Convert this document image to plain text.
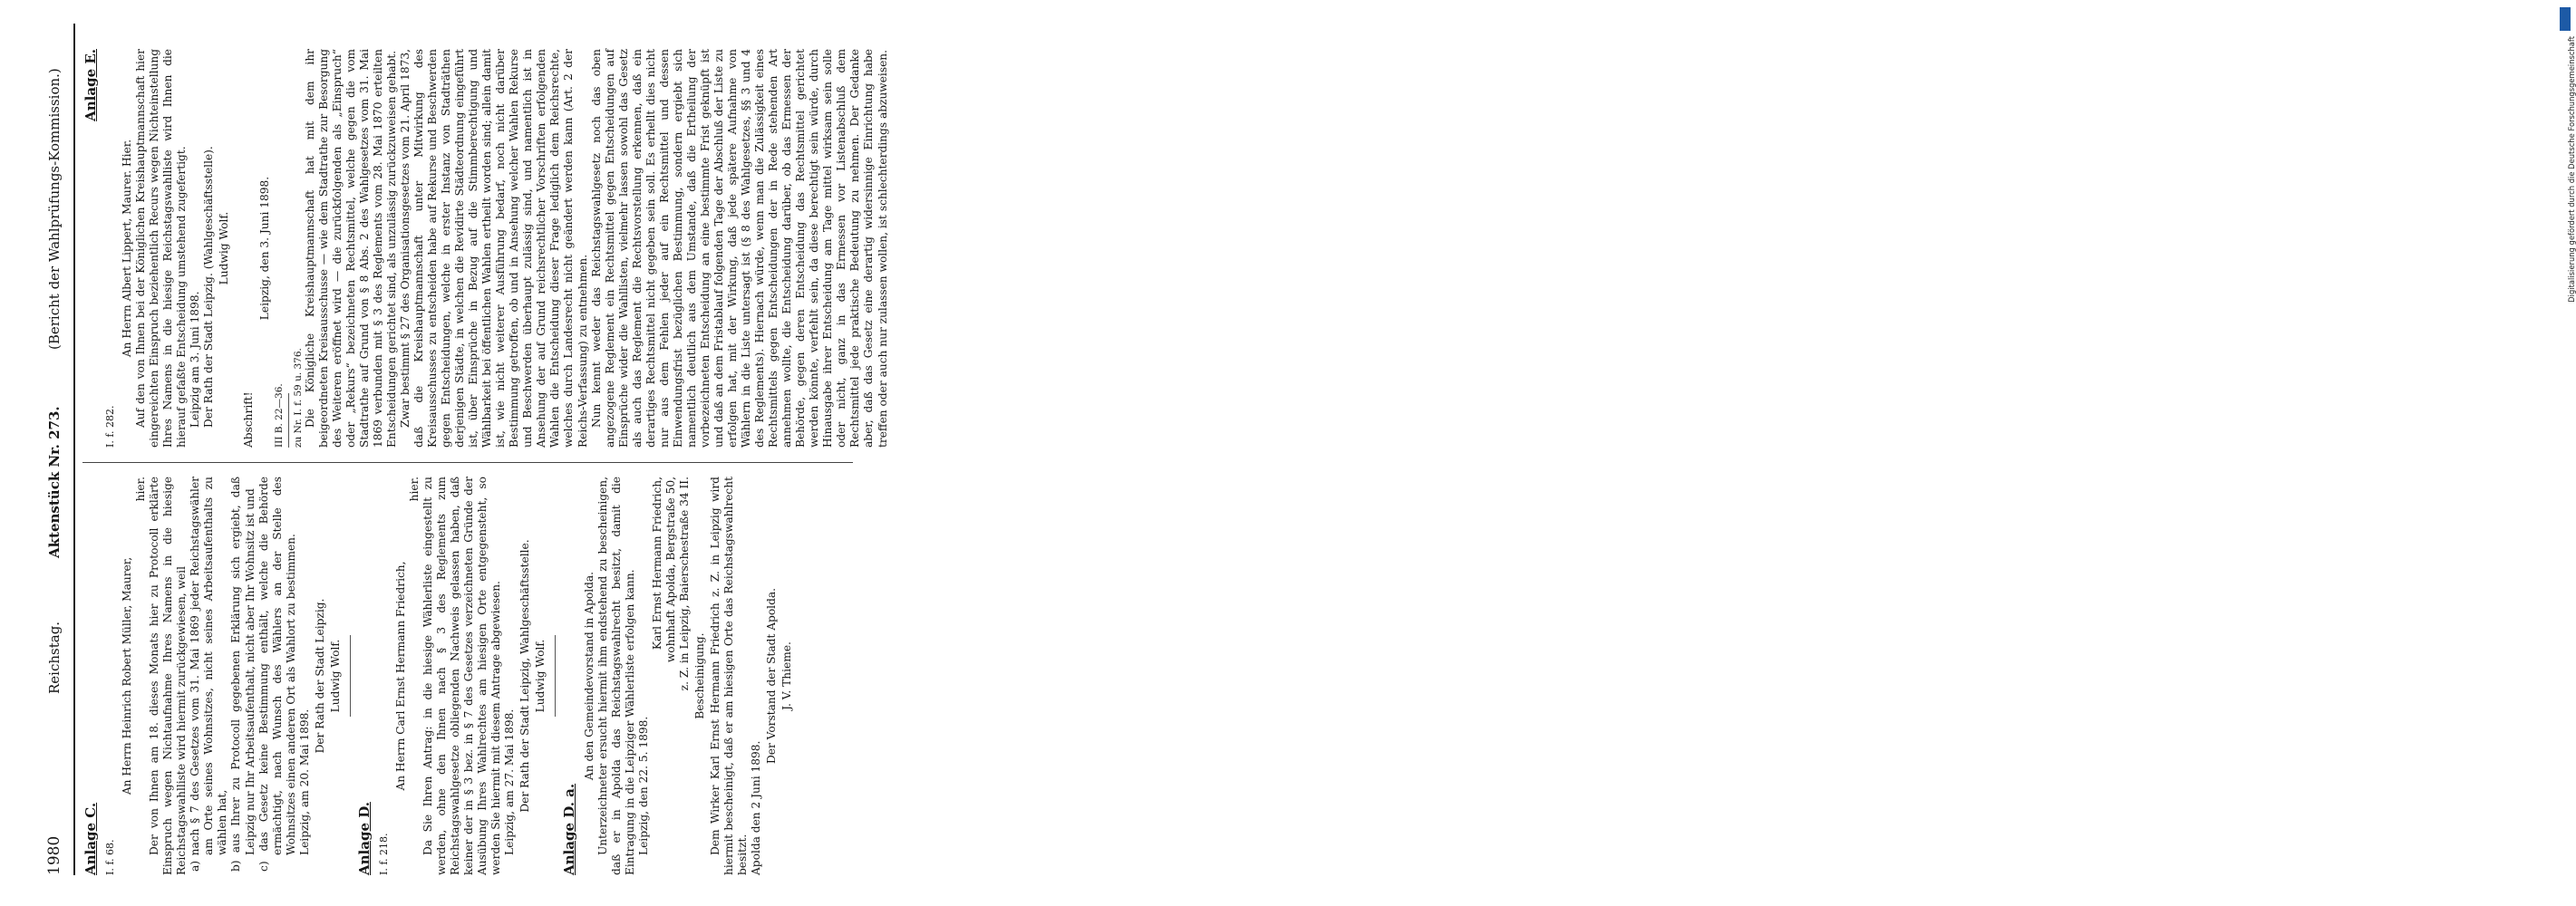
1980
Reichstag.
Aktenstück Nr. 273.
(Bericht der Wahlprüfungs-Kommission.)

Anlage C. I. f. 68.

An Herrn Heinrich Robert Müller, Maurer,

hier. Der von Ihnen am 18. dieses Monats hier zu Protocoll erklärte Einspruch wegen Nichtaufnahme Ihres Namens in die hiesige Reichstagswahlliste wird hiermit zurückgewiesen, weil a) nach § 7 des Gesetzes vom 31. Mai 1869 jeder Reichstagswähler am Orte seines Wohnsitzes, nicht seines Arbeitsaufenthalts zu wählen hat, b) aus Ihrer zu Protocoll gegebenen Erklärung sich ergiebt, daß Leipzig nur Ihr Arbeitsaufenthalt, nicht aber Ihr Wohnsitz ist und c) das Gesetz keine Bestimmung enthält, welche die Behörde ermächtigt, nach Wunsch des Wählers an der Stelle des Wohnsitzes einen anderen Ort als Wahlort zu bestimmen. Leipzig, am 20. Mai 1898.

Der Rath der Stadt Leipzig. Ludwig Wolf.

Anlage D. I. f. 218.

An Herrn Carl Ernst Hermann Friedrich,

hier. Da Sie Ihren Antrag: in die hiesige Wählerliste eingestellt zu werden, ohne den Ihnen nach § 3 des Reglements zum Reichstagswahlgesetze obliegenden Nachweis gelassen haben, daß keiner der in § 3 bez. in § 7 des Gesetzes verzeichneten Gründe der Ausübung Ihres Wahlrechtes am hiesigen Orte entgegensteht, so werden Sie hiermit mit diesem Antrage abgewiesen. Leipzig, am 27. Mai 1898. Der Rath der Stadt Leipzig, Wahlgeschäftsstelle. Ludwig Wolf.

Anlage D. a.

An den Gemeindevorstand in Apolda. Unterzeichneter ersucht hiermit ihm endstehend zu bescheinigen, daß er in Apolda das Reichstagswahlrecht besitzt, damit die Eintragung in die Leipziger Wählerliste erfolgen kann. Leipzig, den 22. 5. 1898.

Karl Ernst Hermann Friedrich, wohnhaft Apolda, Bergstraße 50, z. Z. in Leipzig, Baierschestraße 34 II. Bescheinigung. Dem Wirker Karl Ernst Hermann Friedrich z. Z. in Leipzig wird hiermit bescheinigt, daß er am hiesigen Orte das Reichstagswahlrecht besitzt. Apolda den 2 Juni 1898.

Der Vorstand der Stadt Apolda. J. V. Thieme.

Anlage E.

I. f. 282.

An Herrn Albert Lippert, Maurer. Hier. Auf den von Ihnen bei der Königlichen Kreishauptmannschaft hier eingereichten Einspruch beziehentlich Recurs wegen Nichteinstellung Ihres Namens in die hiesige Reichstagswahlliste wird Ihnen die hierauf gefaßte Entscheidung umstehend zugefertigt. Leipzig am 3. Juni 1898. Der Rath der Stadt Leipzig. (Wahlgeschäftsstelle). Ludwig Wolf.

Abschrift!

Leipzig, den 3. Juni 1898.

III B. 22—36. zu Nr. I. f. 59 u. 376. Die Königliche Kreishauptmannschaft hat mit dem ihr beigeordneten Kreisausschusse — wie dem Stadtrathe zur Besorgung des Weiteren eröffnet wird — die zurückfolgenden als „Einspruch“ oder „Rekurs“ bezeichneten Rechtsmittel, welche gegen die vom Stadtrathe auf Grund von § 8 Abs. 2 des Wahlgesetzes vom 31. Mai 1869 verbunden mit § 3 des Reglements vom 28. Mai 1870 erteilten Entscheidungen gerichtet sind, als unzulässig zurückzuweisen gehabt. Zwar bestimmt § 27 des Organisationsgesetzes vom 21. April 1873, daß die Kreishauptmannschaft unter Mitwirkung des Kreisausschusses zu entscheiden habe auf Rekurse und Beschwerden gegen Entscheidungen, welche in erster Instanz von Stadträthen derjenigen Städte, in welchen die Revidirte Städteordnung eingeführt ist, über Einsprüche in Bezug auf die Stimmberechtigung und Wählbarkeit bei öffentlichen Wahlen ertheilt worden sind; allein damit ist, wie nicht weiterer Ausführung bedarf, noch nicht darüber Bestimmung getroffen, ob und in Ansehung welcher Wahlen Rekurse und Beschwerden überhaupt zulässig sind, und namentlich ist in Ansehung der auf Grund reichsrechtlicher Vorschriften erfolgenden Wahlen die Entscheidung dieser Frage lediglich dem Reichsrechte, welches durch Landesrecht nicht geändert werden kann (Art. 2 der Reichs-Verfassung) zu entnehmen. Nun kennt weder das Reichstagswahlgesetz noch das oben angezogene Reglement ein Rechtsmittel gegen Entscheidungen auf Einsprüche wider die Wahllisten, vielmehr lassen sowohl das Gesetz als auch das Reglement die Rechtsvorstellung erkennen, daß ein derartiges Rechtsmittel nicht gegeben sein soll. Es erhellt dies nicht nur aus dem Fehlen jeder auf ein Rechtsmittel und dessen Einwendungsfrist bezüglichen Bestimmung, sondern ergiebt sich namentlich deutlich aus dem Umstande, daß die Ertheilung der vorbezeichneten Entscheidung an eine bestimmte Frist geknüpft ist und daß an dem Fristablauf folgenden Tage der Abschluß der Liste zu erfolgen hat, mit der Wirkung, daß jede spätere Aufnahme von Wählern in die Liste untersagt ist (§ 8 des Wahlgesetzes, §§ 3 und 4 des Reglements). Hiernach würde, wenn man die Zulässigkeit eines Rechtsmittels gegen Entscheidungen der in Rede stehenden Art annehmen wollte, die Entscheidung darüber, ob das Ermessen der Behörde, gegen deren Entscheidung das Rechtsmittel gerichtet werden könnte, verfehlt sein, da diese berechtigt sein würde, durch Hinausgabe ihrer Entscheidung am Tage mittel wirksam sein solle oder nicht, ganz in das Ermessen vor Listenabschluß dem Rechtsmittel jede praktische Bedeutung zu nehmen. Der Gedanke aber, daß das Gesetz eine derartig widersinnige Einrichtung habe treffen oder auch nur zulassen wollen, ist schlechterdings abzuweisen.	Digitalisierung gefördert durch die Deutsche Forschungsgemeinschaft
